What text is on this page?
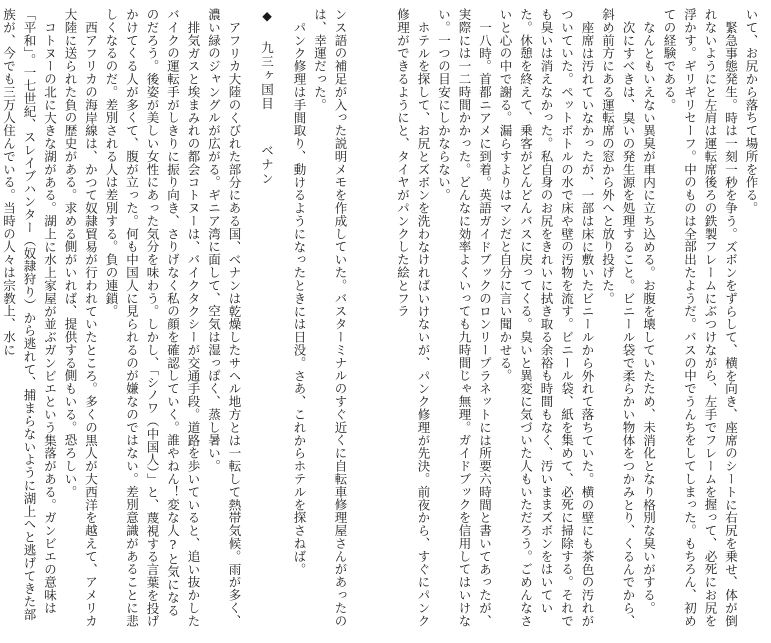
いて、お尻から落ちて場所を作る。

緊急事態発生。時は一刻一秒を争う。ズボンをずらして、横を向き、座席のシートに右尻を乗せ、体が倒れないようにと左肩は運転席後ろの鉄製フレームにぶつけながら、左手でフレームを握って、必死にお尻を浮かす。ギリギリセーフ。中のものは全部出たようだ。バスの中でうんちをしてしまった。もちろん、初めての経験である。

なんともいえない異臭が車内に立ち込める。お腹を壊していたため、未消化となり格別な臭いがする。

次にすべきは、臭いの発生源を処理すること。ビニール袋で柔らかい物体をつかみとり、くるんでから、斜め前方にある運転席の窓から外へと放り投げた。

座席は汚れていなかったが、一部は床に敷いたビニールから外れて落ちていた。横の壁にも茶色の汚れがついていた。ペットボトルの水で床や壁の汚物を流す。ビニール袋、紙を集めて、必死に掃除する。それでも臭いは消えなかった。私自身のお尻をきれいに拭き取る余裕も時間もなく、汚いままズボンをはいていた。休憩を終えて、乗客がどんどんバスに戻ってくる。臭いと異変に気づいた人もいただろう。ごめんなさいと心の中で謝る。漏らすよりはマシだと自分に言い聞かせる。

一八時。首都ニアメに到着。英語ガイドブックのロンリープラネットには所要六時間と書いてあったが、実際には一二時間かかった。どんなに効率よくいっても九時間じゃ無理。ガイドブックを信用してはいけない。一つの目安にしかならない。

ホテルを探して、お尻とズボンを洗わなければいけないが、パンク修理が先決。前夜から、すぐにパンク修理ができるようにと、タイヤがパンクした絵とフラ

ンス語の補足が入った説明メモを作成していた。バスターミナルのすぐ近くに自転車修理屋さんがあったのは、幸運だった。

パンク修理は手間取り、動けるようになったときには日没。さあ、これからホテルを探さねば。

◆ 九三ヶ国目  ベナン

アフリカ大陸のくびれた部分にある国、ベナンは乾燥したサヘル地方とは一転して熱帯気候。雨が多く、濃い緑のジャングルが広がる。ギニア湾に面して、空気は湿っぽく、蒸し暑い。

排気ガスと埃まみれの都会コトヌーは、バイクタクシーが交通手段。道路を歩いていると、追い抜かしたバイクの運転手がしきりに振り向き、さりげなく私の顔を確認していく。誰やねん！変な人?と気になるのだろう。後姿が美しい女性にあった気分を味わう。しかし、「シノワ（中国人）」と、蔑視する言葉を投げかけてくる人が多くて、腹が立った。何も中国人に見られるのが嫌なのではない。差別意識があることに悲しくなるのだ。差別される人は差別する。負の連鎖。

西アフリカの海岸線は、かつて奴隷貿易が行われていたところ。多くの黒人が大西洋を越えて、アメリカ大陸に送られた負の歴史がある。求める側がいれば、提供する側もいる。恐ろしい。

コトヌーの北に大きな湖がある。湖上に水上家屋が並ぶガンビエという集落がある。ガンビエの意味は「平和」。一七世紀、スレイブハンター（奴隷狩り）から逃れて、捕まらないように湖上へと逃げてきた部族が、今でも三万人住んでいる。当時の人々は宗教上、水に
